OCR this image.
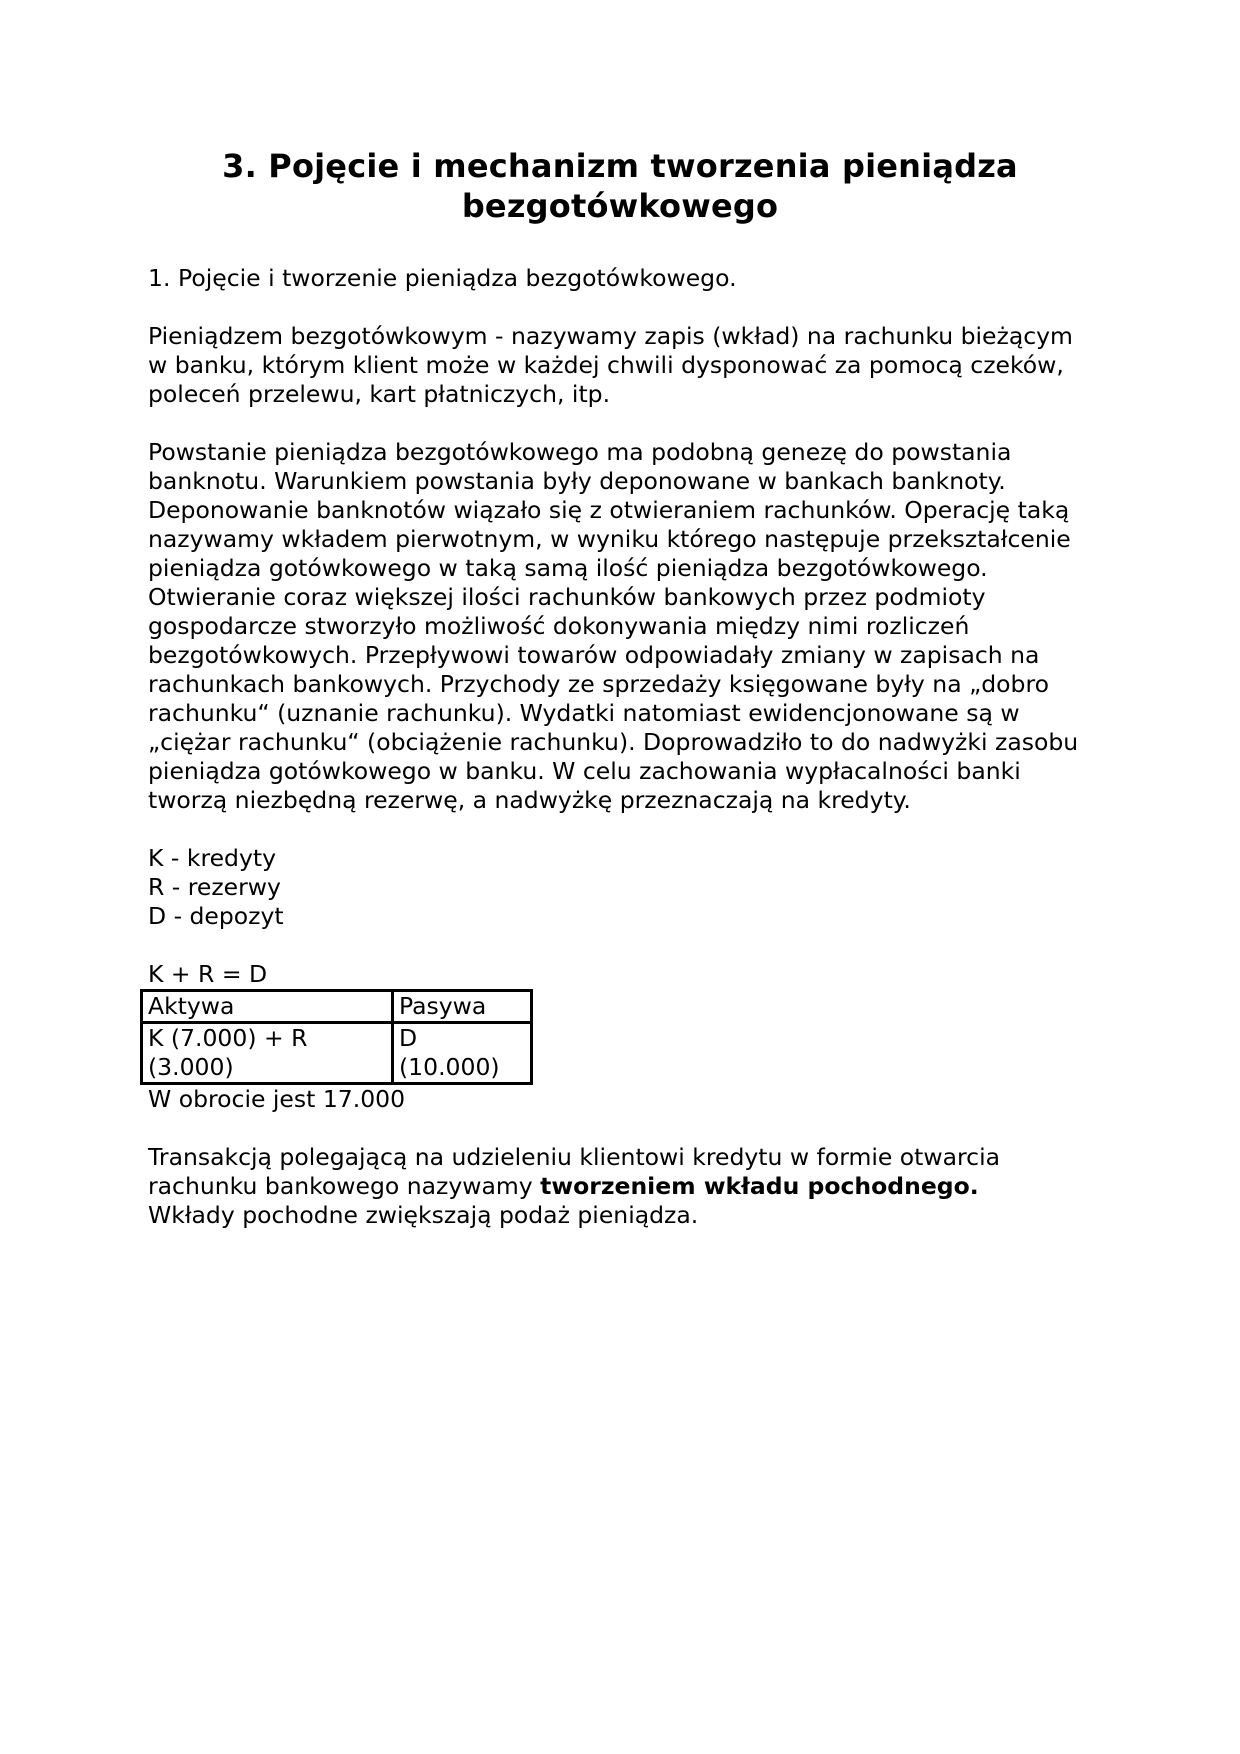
3. Pojęcie i mechanizm tworzenia pieniądza bezgotówkowego

1. Pojęcie i tworzenie pieniądza bezgotówkowego.

Pieniądzem bezgotówkowym - nazywamy zapis (wkład) na rachunku bieżącym w banku, którym klient może w każdej chwili dysponować za pomocą czeków, poleceń przelewu, kart płatniczych, itp.

Powstanie pieniądza bezgotówkowego ma podobną genezę do powstania banknotu. Warunkiem powstania były deponowane w bankach banknoty. Deponowanie banknotów wiązało się z otwieraniem rachunków. Operację taką nazywamy wkładem pierwotnym, w wyniku którego następuje przekształcenie pieniądza gotówkowego w taką samą ilość pieniądza bezgotówkowego.

Otwieranie coraz większej ilości rachunków bankowych przez podmioty gospodarcze stworzyło możliwość dokonywania między nimi rozliczeń bezgotówkowych. Przepływowi towarów odpowiadały zmiany w zapisach na rachunkach bankowych. Przychody ze sprzedaży księgowane były na „dobro rachunku“ (uznanie rachunku). Wydatki natomiast ewidencjonowane są w „ciężar rachunku“ (obciążenie rachunku). Doprowadziło to do nadwyżki zasobu pieniądza gotówkowego w banku. W celu zachowania wypłacalności banki tworzą niezbędną rezerwę, a nadwyżkę przeznaczają na kredyty.

K - kredyty

R - rezerwy

D - depozyt

K + R = D

Aktywa	Pasywa
K (7.000) + R (3.000)	D (10.000)

W obrocie jest 17.000

Transakcją polegającą na udzieleniu klientowi kredytu w formie otwarcia rachunku bankowego nazywamy tworzeniem wkładu pochodnego.

Wkłady pochodne zwiększają podaż pieniądza.
